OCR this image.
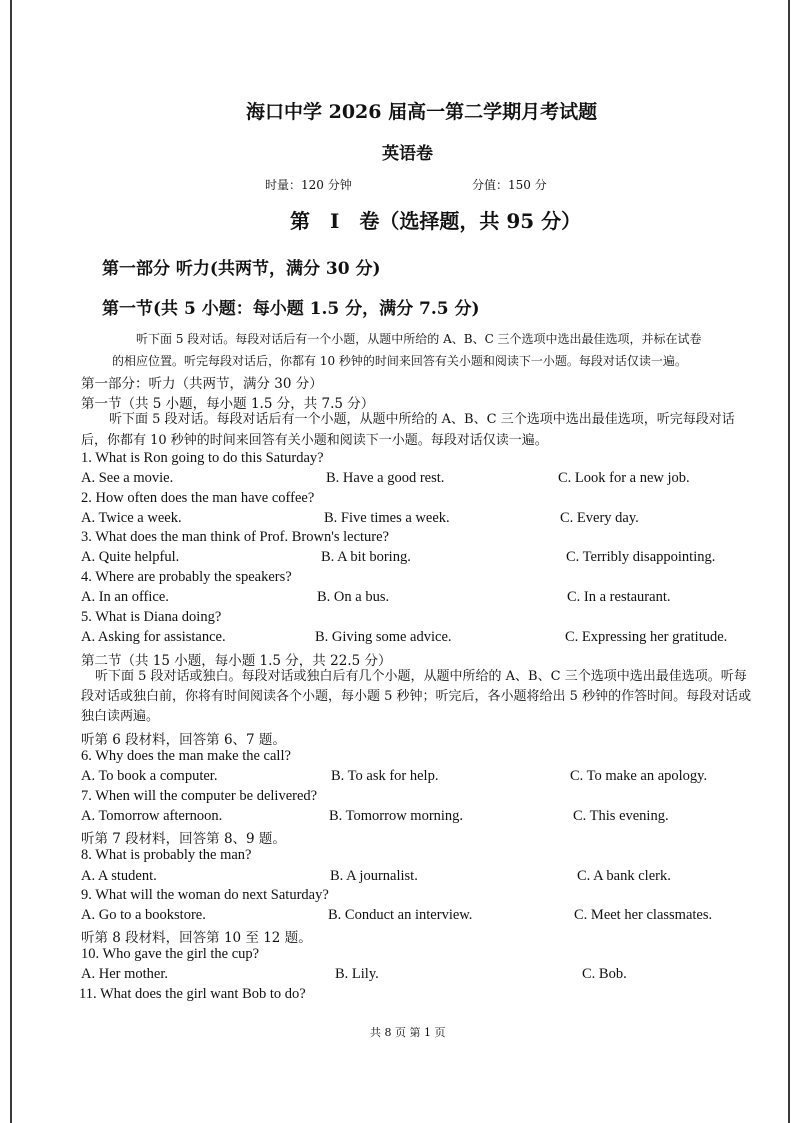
海口中学 2026 届高一第二学期月考试题
英语卷
时量：120 分钟	分值：150 分
第　I　卷（选择题，共 95 分）
第一部分 听力(共两节，满分 30 分)
第一节(共 5 小题：每小题 1.5 分，满分 7.5 分)
听下面 5 段对话。每段对话后有一个小题，从题中所给的 A、B、C 三个选项中选出最佳选项，并标在试卷
的相应位置。听完每段对话后，你都有 10 秒钟的时间来回答有关小题和阅读下一小题。每段对话仅读一遍。
第一部分：听力（共两节，满分 30 分）
第一节（共 5 小题，每小题 1.5 分，共 7.5 分）
听下面 5 段对话。每段对话后有一个小题，从题中所给的 A、B、C 三个选项中选出最佳选项，听完每段对话后，你都有 10 秒钟的时间来回答有关小题和阅读下一小题。每段对话仅读一遍。
1. What is Ron going to do this Saturday?
A. See a movie.	B. Have a good rest.	C. Look for a new job.
2. How often does the man have coffee?
A. Twice a week.	B. Five times a week.	C. Every day.
3. What does the man think of Prof. Brown's lecture?
A. Quite helpful.	B. A bit boring.	C. Terribly disappointing.
4. Where are probably the speakers?
A. In an office.	B. On a bus.	C. In a restaurant.
5. What is Diana doing?
A. Asking for assistance.	B. Giving some advice.	C. Expressing her gratitude.
第二节（共 15 小题，每小题 1.5 分，共 22.5 分）
听下面 5 段对话或独白。每段对话或独白后有几个小题，从题中所给的 A、B、C 三个选项中选出最佳选项。听每段对话或独白前，你将有时间阅读各个小题，每小题 5 秒钟；听完后，各小题将给出 5 秒钟的作答时间。每段对话或独白读两遍。
听第 6 段材料，回答第 6、7 题。
6. Why does the man make the call?
A. To book a computer.	B. To ask for help.	C. To make an apology.
7. When will the computer be delivered?
A. Tomorrow afternoon.	B. Tomorrow morning.	C. This evening.
听第 7 段材料，回答第 8、9 题。
8. What is probably the man?
A. A student.	B. A journalist.	C. A bank clerk.
9. What will the woman do next Saturday?
A. Go to a bookstore.	B. Conduct an interview.	C. Meet her classmates.
听第 8 段材料，回答第 10 至 12 题。
10. Who gave the girl the cup?
A. Her mother.	B. Lily.	C. Bob.
11. What does the girl want Bob to do?
共 8 页 第 1 页
